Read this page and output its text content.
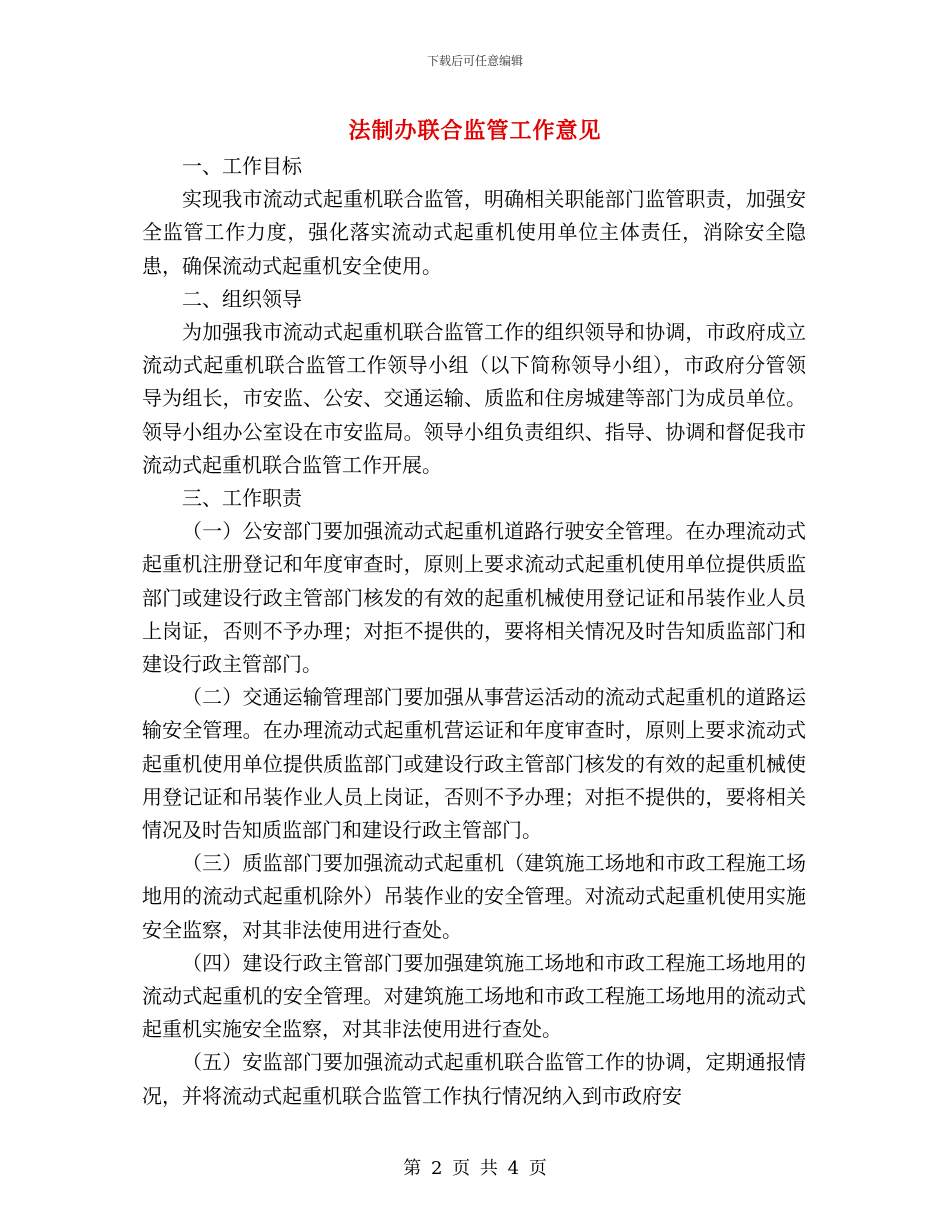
下载后可任意编辑
法制办联合监管工作意见

一、工作目标

实现我市流动式起重机联合监管，明确相关职能部门监管职责，加强安全监管工作力度，强化落实流动式起重机使用单位主体责任，消除安全隐患，确保流动式起重机安全使用。

二、组织领导

为加强我市流动式起重机联合监管工作的组织领导和协调，市政府成立流动式起重机联合监管工作领导小组（以下简称领导小组），市政府分管领导为组长，市安监、公安、交通运输、质监和住房城建等部门为成员单位。领导小组办公室设在市安监局。领导小组负责组织、指导、协调和督促我市流动式起重机联合监管工作开展。

三、工作职责

（一）公安部门要加强流动式起重机道路行驶安全管理。在办理流动式起重机注册登记和年度审查时，原则上要求流动式起重机使用单位提供质监部门或建设行政主管部门核发的有效的起重机械使用登记证和吊装作业人员上岗证，否则不予办理；对拒不提供的，要将相关情况及时告知质监部门和建设行政主管部门。

（二）交通运输管理部门要加强从事营运活动的流动式起重机的道路运输安全管理。在办理流动式起重机营运证和年度审查时，原则上要求流动式起重机使用单位提供质监部门或建设行政主管部门核发的有效的起重机械使用登记证和吊装作业人员上岗证，否则不予办理；对拒不提供的，要将相关情况及时告知质监部门和建设行政主管部门。

（三）质监部门要加强流动式起重机（建筑施工场地和市政工程施工场地用的流动式起重机除外）吊装作业的安全管理。对流动式起重机使用实施安全监察，对其非法使用进行查处。

（四）建设行政主管部门要加强建筑施工场地和市政工程施工场地用的流动式起重机的安全管理。对建筑施工场地和市政工程施工场地用的流动式起重机实施安全监察，对其非法使用进行查处。

（五）安监部门要加强流动式起重机联合监管工作的协调，定期通报情况，并将流动式起重机联合监管工作执行情况纳入到市政府安

第 2 页 共 4 页
